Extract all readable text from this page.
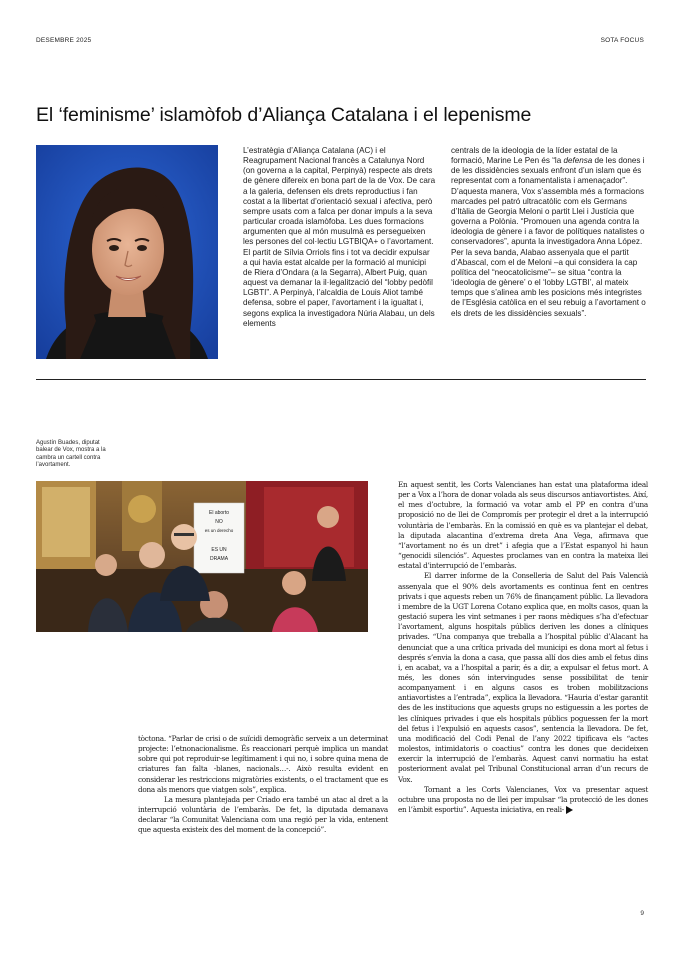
DESEMBRE 2025	SOTA FOCUS
El ‘feminisme’ islamòfob d’Aliança Catalana i el lepenisme

L’estratègia d’Aliança Catalana (AC) i el Reagrupament Nacional francès a Catalunya Nord (on governa a la capital, Perpinyà) respecte als drets de gènere difereix en bona part de la de Vox. De cara a la galeria, defensen els drets reproductius i fan costat a la llibertat d’orientació sexual i afectiva, però sempre usats com a falca per donar impuls a la seva particular croada islamòfoba. Les dues formacions argumenten que al món musulmà es persegueixen les persones del col·lectiu LGTBIQA+ o l’avortament. El partit de Sílvia Orriols fins i tot va decidir expulsar a qui havia estat alcalde per la formació al municipi de Riera d’Ondara (a la Segarra), Albert Puig, quan aquest va demanar la il·legalització del “lobby pedòfil LGBTI”. A Perpinyà, l’alcaldia de Louis Aliot també defensa, sobre el paper, l’avortament i la igualtat i, segons explica la investigadora Núria Alabau, un dels elements

centrals de la ideologia de la líder estatal de la formació, Marine Le Pen és “la defensa de les dones i de les dissidències sexuals enfront d’un islam que és representat com a fonamentalista i amenaçador”.

D’aquesta manera, Vox s’assembla més a formacions marcades pel patró ultracatòlic com els Germans d’Itàlia de Georgia Meloni o partit Llei i Justícia que governa a Polònia. “Promouen una agenda contra la ideologia de gènere i a favor de polítiques natalistes o conservadores”, apunta la investigadora Anna López. Per la seva banda, Alabao assenyala que el partit d’Abascal, com el de Meloni –a qui considera la cap política del “neocatolicisme”– se situa “contra la ‘ideologia de gènere’ o el ‘lobby LGTBI’, al mateix temps que s’alinea amb les posicions més integristes de l’Església catòlica en el seu rebuig a l’avortament o els drets de les dissidències sexuals”.

Agustín Buades, diputat balear de Vox, mostra a la cambra un cartell contra l’avortament.
El aborto
NO
es un derecho
ES UN
DRAMA

En aquest sentit, les Corts Valencianes han estat una plataforma ideal per a Vox a l’hora de donar volada als seus discursos antiavortistes. Així, el mes d’octubre, la formació va votar amb el PP en contra d’una proposició no de llei de Compromís per protegir el dret a la interrupció voluntària de l’embaràs. En la comissió en què es va plantejar el debat, la diputada alacantina d’extrema dreta Ana Vega, afirmava que “l’avortament no és un dret” i afegia que a l’Estat espanyol hi haun “genocidi silenciós”. Aquestes proclames van en contra la mateixa llei estatal d’interrupció de l’embaràs.

El darrer informe de la Conselleria de Salut del País Valencià assenyala que el 90% dels avortaments es continua fent en centres privats i que aquests reben un 76% de finançament públic. La llevadora i membre de la UGT Lorena Cotano explica que, en molts casos, quan la gestació supera les vint setmanes i per raons mèdiques s’ha d’efectuar l’avortament, alguns hospitals públics deriven les dones a clíniques privades. “Una companya que treballa a l’hospital públic d’Alacant ha denunciat que a una crítica privada del municipi es dona mort al fetus i després s’envia la dona a casa, que passa allí dos dies amb el fetus dins i, en acabat, va a l’hospital a parir, és a dir, a expulsar el fetus mort. A més, les dones són intervingudes sense possibilitat de tenir acompanyament i en alguns casos es troben mobilitzacions antiavortistes a l’entrada”, explica la llevadora. “Hauria d’estar garantit des de les institucions que aquests grups no estiguessin a les portes de les clíniques privades i que els hospitals públics poguessen fer la mort del fetus i l’expulsió en aquests casos”, sentencia la llevadora. De fet, una modificació del Codi Penal de l’any 2022 tipificava els “actes molestos, intimidatoris o coactius” contra les dones que decideixen exercir la interrupció de l’embaràs. Aquest canvi normatiu ha estat posteriorment avalat pel Tribunal Constitucional arran d’un recurs de Vox.

Tornant a les Corts Valencianes, Vox va presentar aquest octubre una proposta no de llei per impulsar “la protecció de les dones en l’àmbit esportiu”. Aquesta iniciativa, en reali-

tòctona. “Parlar de crisi o de suïcidi demogràfic serveix a un determinat projecte: l’etnonacionalisme. És reaccionari perquè implica un mandat sobre qui pot reproduir-se legítimament i qui no, i sobre quina mena de criatures fan falta -blanes, nacionals…-. Això resulta evident en considerar les restriccions migratòries existents, o el tractament que es dona als menors que viatgen sols”, explica.

La mesura plantejada per Criado era també un atac al dret a la interrupció voluntària de l’embaràs. De fet, la diputada demanava declarar “la Comunitat Valenciana com una regió per la vida, entenent que aquesta existeix des del moment de la concepció”.

9
